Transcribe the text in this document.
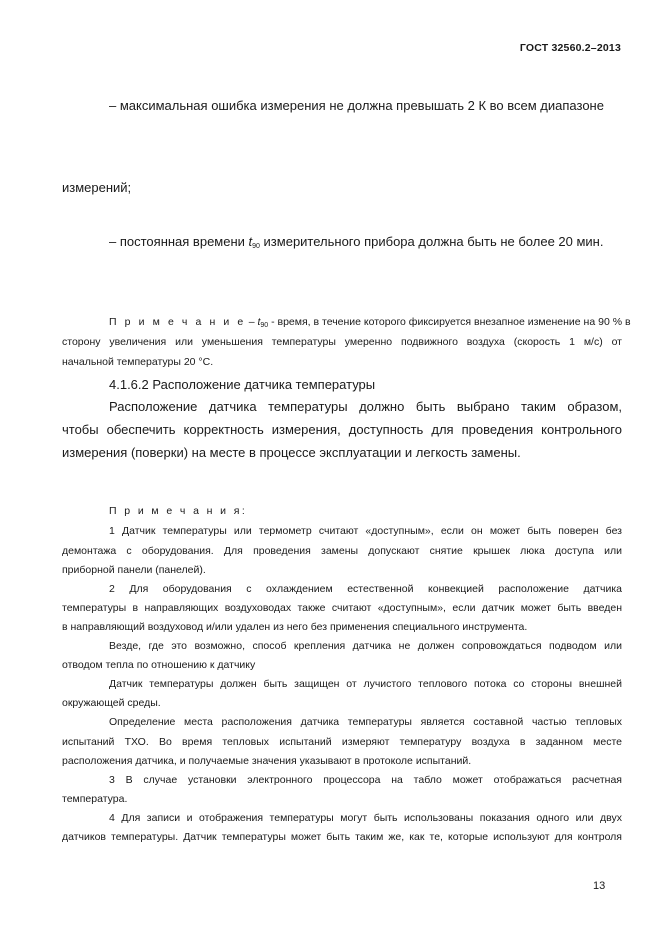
ГОСТ 32560.2–2013
– максимальная ошибка измерения не должна превышать 2 К во всем диапазоне
измерений;
– постоянная времени $t_{90}$ измерительного прибора должна быть не более 20 мин.
П р и м е ч а н и е – $t_{90}$ - время, в течение которого фиксируется внезапное изменение на 90 % в
сторону увеличения или уменьшения температуры умеренно подвижного воздуха (скорость 1 м/с) от
начальной температуры 20 °С.
4.1.6.2 Расположение датчика температуры
Расположение датчика температуры должно быть выбрано таким образом,
чтобы обеспечить корректность измерения, доступность для проведения контрольного
измерения (поверки) на месте в процессе эксплуатации и легкость замены.
П р и м е ч а н и я:
1 Датчик температуры или термометр считают «доступным», если он может быть поверен без
демонтажа с оборудования. Для проведения замены допускают снятие крышек люка доступа или
приборной панели (панелей).
2 Для оборудования с охлаждением естественной конвекцией расположение датчика
температуры в направляющих воздуховодах также считают «доступным», если датчик может быть введен
в направляющий воздуховод и/или удален из него без применения специального инструмента.
Везде, где это возможно, способ крепления датчика не должен сопровождаться подводом или
отводом тепла по отношению к датчику
Датчик температуры должен быть защищен от лучистого теплового потока со стороны внешней
окружающей среды.
Определение места расположения датчика температуры является составной частью тепловых
испытаний ТХО. Во время тепловых испытаний измеряют температуру воздуха в заданном месте
расположения датчика, и получаемые значения указывают в протоколе испытаний.
3 В случае установки электронного процессора на табло может отображаться расчетная
температура.
4 Для записи и отображения температуры могут быть использованы показания одного или двух
датчиков температуры. Датчик температуры может быть таким же, как те, которые используют для контроля
13
